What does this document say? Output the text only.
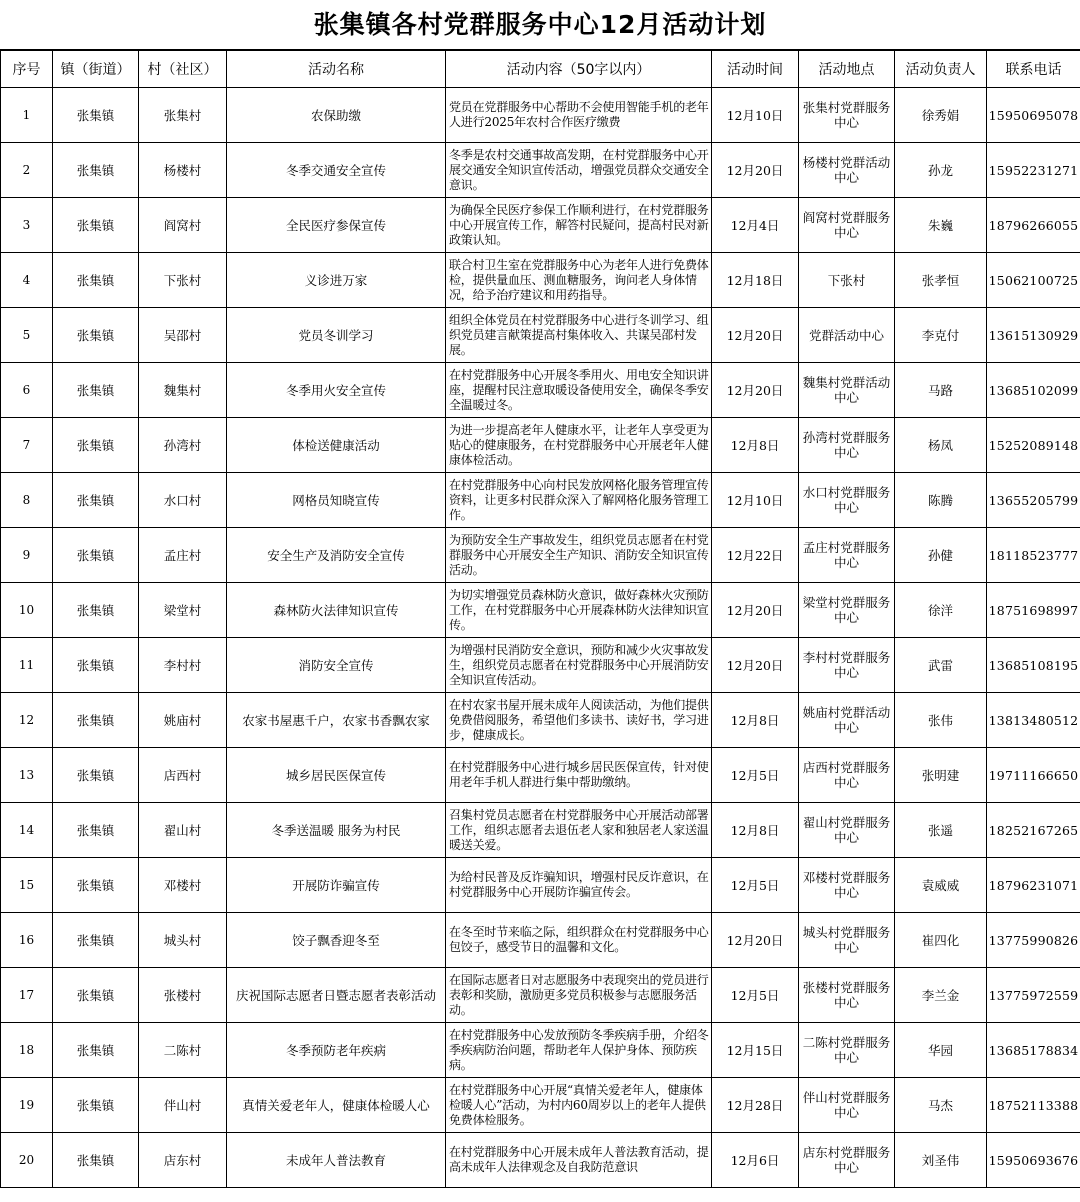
张集镇各村党群服务中心12月活动计划
序号	镇（街道）	村（社区）	活动名称	活动内容（50字以内）	活动时间	活动地点	活动负责人	联系电话
1	张集镇	张集村	农保助缴	党员在党群服务中心帮助不会使用智能手机的老年人进行2025年农村合作医疗缴费	12月10日	张集村党群服务中心	徐秀娟	15950695078
2	张集镇	杨楼村	冬季交通安全宣传	冬季是农村交通事故高发期，在村党群服务中心开展交通安全知识宣传活动，增强党员群众交通安全意识。	12月20日	杨楼村党群活动中心	孙龙	15952231271
3	张集镇	阎窝村	全民医疗参保宣传	为确保全民医疗参保工作顺利进行，在村党群服务中心开展宣传工作，解答村民疑问，提高村民对新政策认知。	12月4日	阎窝村党群服务中心	朱巍	18796266055
4	张集镇	下张村	义诊进万家	联合村卫生室在党群服务中心为老年人进行免费体检，提供量血压、测血糖服务，询问老人身体情况，给予治疗建议和用药指导。	12月18日	下张村	张孝恒	15062100725
5	张集镇	吴邵村	党员冬训学习	组织全体党员在村党群服务中心进行冬训学习、组织党员建言献策提高村集体收入、共谋吴邵村发展。	12月20日	党群活动中心	李克付	13615130929
6	张集镇	魏集村	冬季用火安全宣传	在村党群服务中心开展冬季用火、用电安全知识讲座，提醒村民注意取暖设备使用安全，确保冬季安全温暖过冬。	12月20日	魏集村党群活动中心	马路	13685102099
7	张集镇	孙湾村	体检送健康活动	为进一步提高老年人健康水平，让老年人享受更为贴心的健康服务，在村党群服务中心开展老年人健康体检活动。	12月8日	孙湾村党群服务中心	杨凤	15252089148
8	张集镇	水口村	网格员知晓宣传	在村党群服务中心向村民发放网格化服务管理宣传资料，让更多村民群众深入了解网格化服务管理工作。	12月10日	水口村党群服务中心	陈腾	13655205799
9	张集镇	孟庄村	安全生产及消防安全宣传	为预防安全生产事故发生，组织党员志愿者在村党群服务中心开展安全生产知识、消防安全知识宣传活动。	12月22日	孟庄村党群服务中心	孙健	18118523777
10	张集镇	梁堂村	森林防火法律知识宣传	为切实增强党员森林防火意识，做好森林火灾预防工作，在村党群服务中心开展森林防火法律知识宣传。	12月20日	梁堂村党群服务中心	徐洋	18751698997
11	张集镇	李村村	消防安全宣传	为增强村民消防安全意识，预防和减少火灾事故发生，组织党员志愿者在村党群服务中心开展消防安全知识宣传活动。	12月20日	李村村党群服务中心	武雷	13685108195
12	张集镇	姚庙村	农家书屋惠千户，农家书香飘农家	在村农家书屋开展未成年人阅读活动，为他们提供免费借阅服务，希望他们多读书、读好书，学习进步，健康成长。	12月8日	姚庙村党群活动中心	张伟	13813480512
13	张集镇	店西村	城乡居民医保宣传	在村党群服务中心进行城乡居民医保宣传，针对使用老年手机人群进行集中帮助缴纳。	12月5日	店西村党群服务中心	张明建	19711166650
14	张集镇	翟山村	冬季送温暖 服务为村民	召集村党员志愿者在村党群服务中心开展活动部署工作，组织志愿者去退伍老人家和独居老人家送温暖送关爱。	12月8日	翟山村党群服务中心	张遥	18252167265
15	张集镇	邓楼村	开展防诈骗宣传	为给村民普及反诈骗知识，增强村民反诈意识，在村党群服务中心开展防诈骗宣传会。	12月5日	邓楼村党群服务中心	袁威威	18796231071
16	张集镇	城头村	饺子飘香迎冬至	在冬至时节来临之际，组织群众在村党群服务中心包饺子，感受节日的温馨和文化。	12月20日	城头村党群服务中心	崔四化	13775990826
17	张集镇	张楼村	庆祝国际志愿者日暨志愿者表彰活动	在国际志愿者日对志愿服务中表现突出的党员进行表彰和奖励，激励更多党员积极参与志愿服务活动。	12月5日	张楼村党群服务中心	李兰金	13775972559
18	张集镇	二陈村	冬季预防老年疾病	在村党群服务中心发放预防冬季疾病手册，介绍冬季疾病防治问题，帮助老年人保护身体、预防疾病。	12月15日	二陈村党群服务中心	华园	13685178834
19	张集镇	伴山村	真情关爱老年人，健康体检暖人心	在村党群服务中心开展“真情关爱老年人，健康体检暖人心”活动，为村内60周岁以上的老年人提供免费体检服务。	12月28日	伴山村党群服务中心	马杰	18752113388
20	张集镇	店东村	未成年人普法教育	在村党群服务中心开展未成年人普法教育活动，提高未成年人法律观念及自我防范意识	12月6日	店东村党群服务中心	刘圣伟	15950693676
